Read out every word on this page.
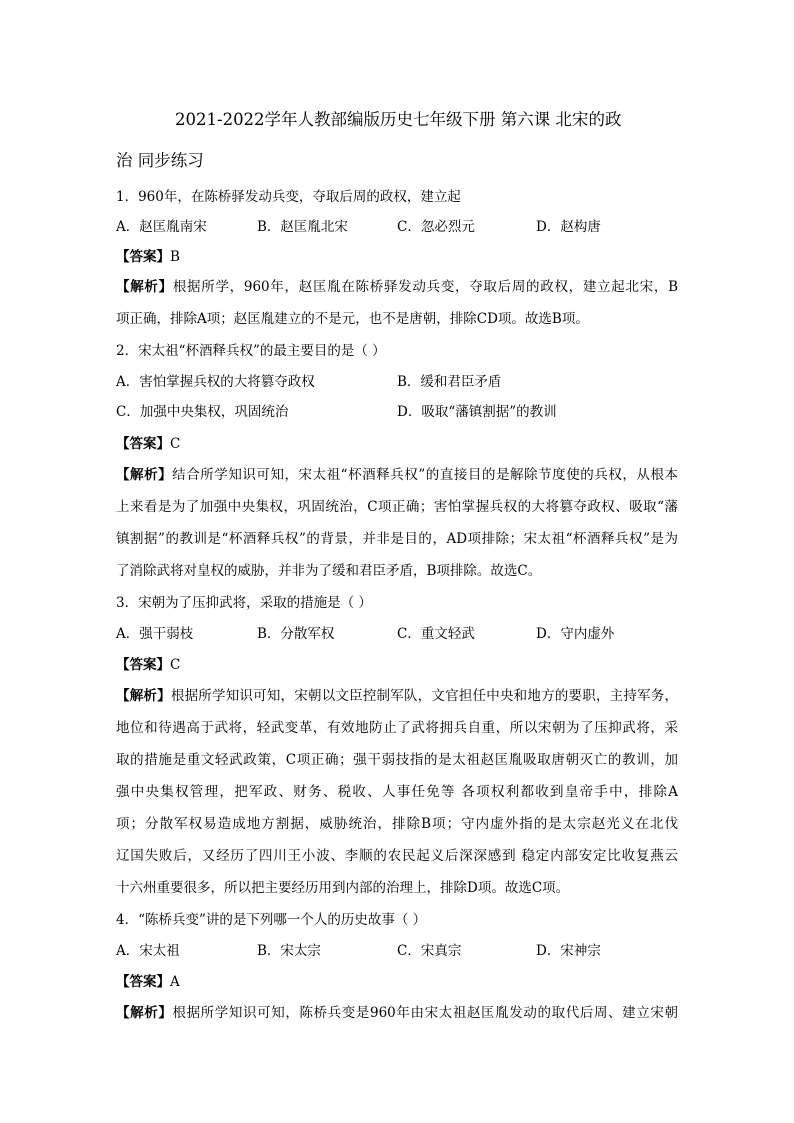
2021-2022学年人教部编版历史七年级下册 第六课 北宋的政
治 同步练习
1．960年，在陈桥驿发动兵变，夺取后周的政权，建立起
A．赵匡胤南宋	B．赵匡胤北宋	C．忽必烈元	D．赵构唐
【答案】B
【解析】根据所学，960年，赵匡胤在陈桥驿发动兵变，夺取后周的政权，建立起北宋，B
项正确，排除A项；赵匡胤建立的不是元，也不是唐朝，排除CD项。故选B项。
2．宋太祖“杯酒释兵权”的最主要目的是（ ）
A．害怕掌握兵权的大将篡夺政权	B．缓和君臣矛盾
C．加强中央集权，巩固统治	D．吸取“藩镇割据”的教训
【答案】C
【解析】结合所学知识可知，宋太祖“杯酒释兵权”的直接目的是解除节度使的兵权，从根本
上来看是为了加强中央集权，巩固统治，C项正确；害怕掌握兵权的大将篡夺政权、吸取“藩
镇割据”的教训是“杯酒释兵权”的背景，并非是目的，AD项排除；宋太祖“杯酒释兵权”是为
了消除武将对皇权的威胁，并非为了缓和君臣矛盾，B项排除。故选C。
3．宋朝为了压抑武将，采取的措施是（ ）
A．强干弱枝	B．分散军权	C．重文轻武	D．守内虚外
【答案】C
【解析】根据所学知识可知，宋朝以文臣控制军队，文官担任中央和地方的要职，主持军务，
地位和待遇高于武将，轻武变革，有效地防止了武将拥兵自重，所以宋朝为了压抑武将，采
取的措施是重文轻武政策，C项正确；强干弱技指的是太祖赵匡胤吸取唐朝灭亡的教训，加
强中央集权管理，把军政、财务、税收、人事任免等 各项权利都收到皇帝手中，排除A
项；分散军权易造成地方割据，威胁统治，排除B项；守内虚外指的是太宗赵光义在北伐
辽国失败后，又经历了四川王小波、李顺的农民起义后深深感到 稳定内部安定比收复燕云
十六州重要很多，所以把主要经历用到内部的治理上，排除D项。故选C项。
4．“陈桥兵变”讲的是下列哪一个人的历史故事（ ）
A．宋太祖	B．宋太宗	C．宋真宗	D．宋神宗
【答案】A
【解析】根据所学知识可知，陈桥兵变是960年由宋太祖赵匡胤发动的取代后周、建立宋朝
